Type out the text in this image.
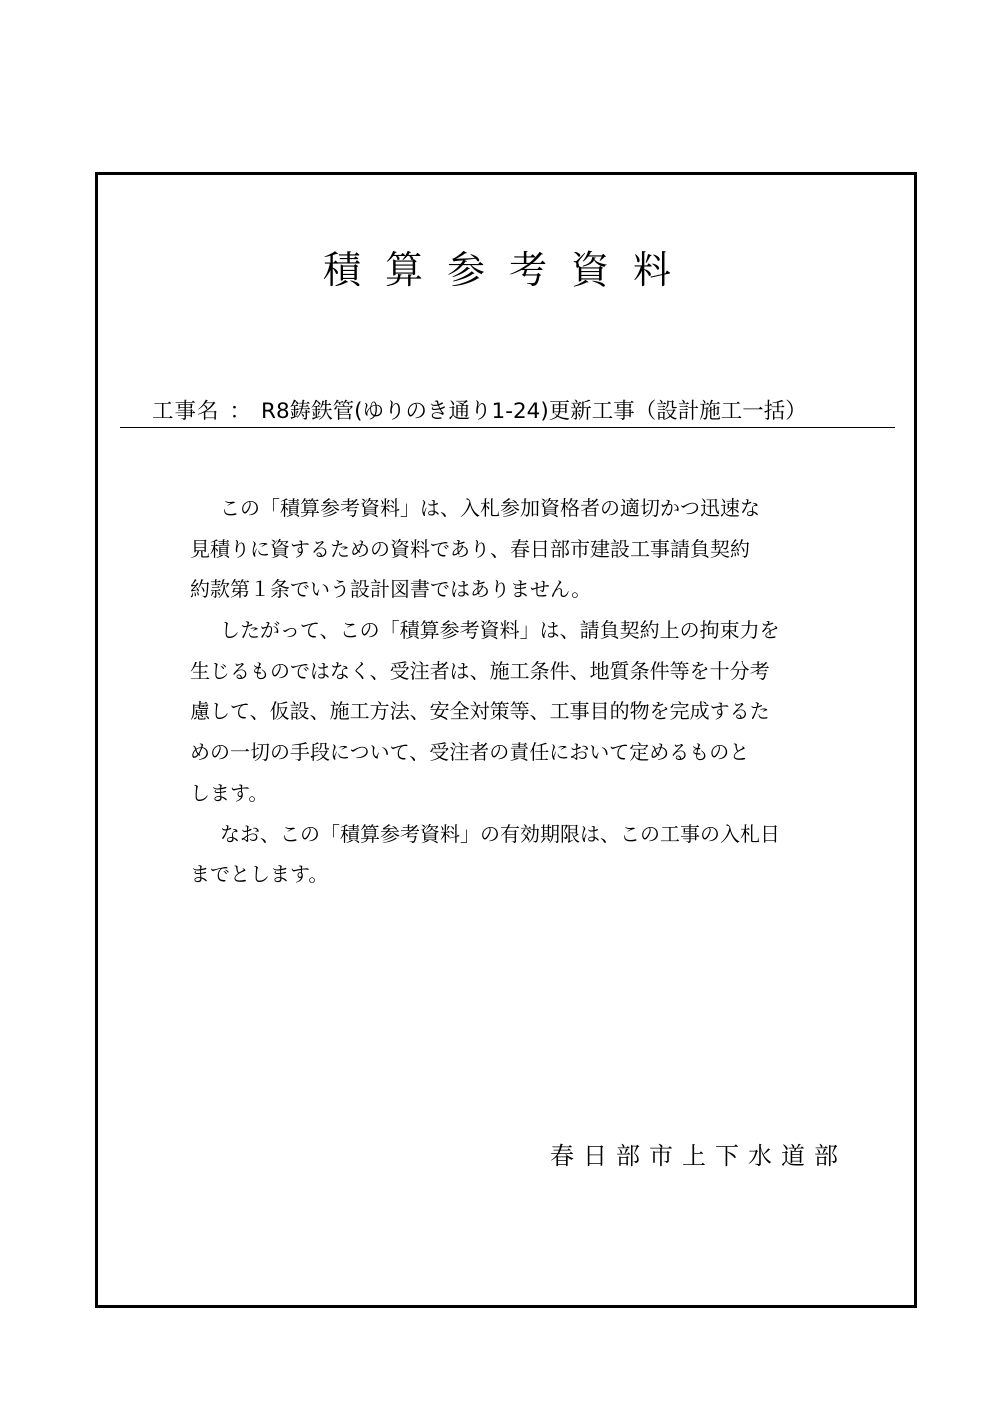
積算参考資料
工事名 ： R8鋳鉄管(ゆりのき通り1-24)更新工事（設計施工一括）
この「積算参考資料」は、入札参加資格者の適切かつ迅速な
見積りに資するための資料であり、春日部市建設工事請負契約
約款第１条でいう設計図書ではありません。
したがって、この「積算参考資料」は、請負契約上の拘束力を
生じるものではなく、受注者は、施工条件、地質条件等を十分考
慮して、仮設、施工方法、安全対策等、工事目的物を完成するた
めの一切の手段について、受注者の責任において定めるものと
します。
なお、この「積算参考資料」の有効期限は、この工事の入札日
までとします。
春日部市上下水道部
